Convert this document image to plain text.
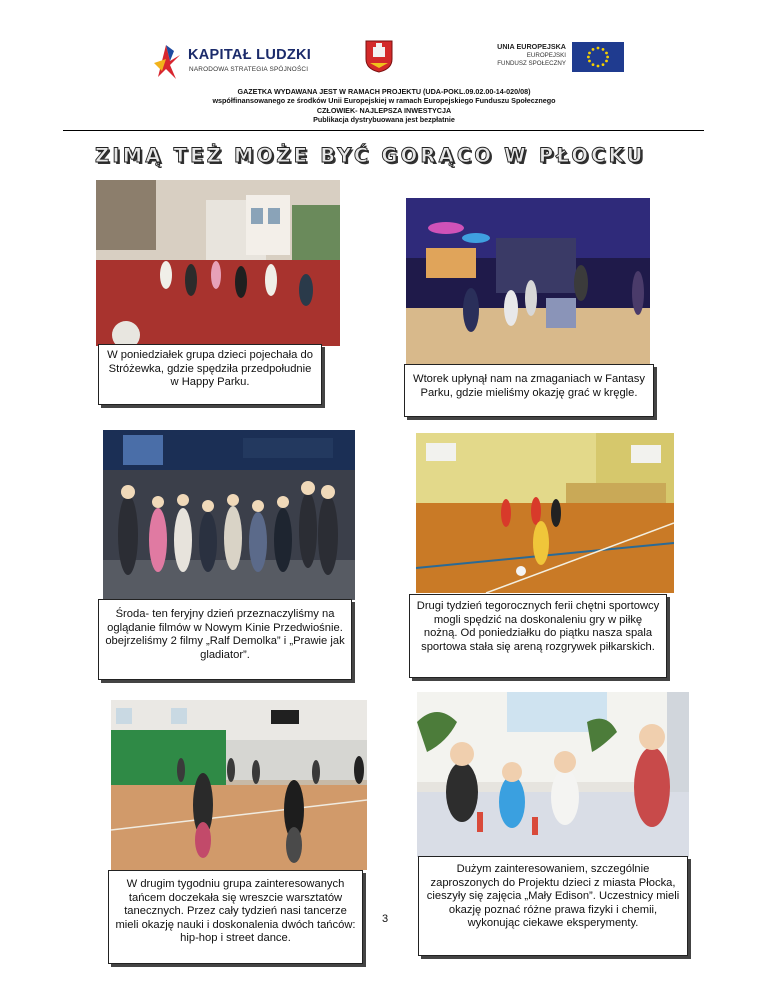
KAPITAŁ LUDZKI
NARODOWA STRATEGIA SPÓJNOŚCI
UNIA EUROPEJSKA
EUROPEJSKI
FUNDUSZ SPOŁECZNY
GAZETKA WYDAWANA JEST W RAMACH PROJEKTU (UDA-POKL.09.02.00-14-020/08)
współfinansowanego ze środków Unii Europejskiej w ramach Europejskiego Funduszu Społecznego
CZŁOWIEK- NAJLEPSZA INWESTYCJA
Publikacja dystrybuowana jest bezpłatnie
ZIMĄ TEŻ MOŻE BYĆ GORĄCO W PŁOCKU
W poniedziałek grupa dzieci pojechała do Stróżewka, gdzie spędziła przedpołudnie w Happy Parku.	Wtorek upłynął nam na zmaganiach w Fantasy Parku, gdzie mieliśmy okazję grać w kręgle.
Środa- ten feryjny dzień przeznaczyliśmy na oglądanie filmów w Nowym Kinie Przedwiośnie. obejrzeliśmy 2 filmy „Ralf Demolka” i „Prawie jak gladiator”.
Drugi tydzień tegorocznych ferii chętni sportowcy mogli spędzić na doskonaleniu gry w piłkę nożną. Od poniedziałku do piątku nasza spala sportowa stała się areną rozgrywek piłkarskich.
W drugim tygodniu grupa zainteresowanych tańcem doczekała się wreszcie warsztatów tanecznych. Przez cały tydzień nasi tancerze mieli okazję nauki i doskonalenia dwóch tańców: hip-hop i street dance.
Dużym zainteresowaniem, szczególnie zaproszonych do Projektu dzieci z miasta Płocka, cieszyły się zajęcia „Mały Edison”. Uczestnicy mieli okazję poznać różne prawa fizyki i chemii, wykonując ciekawe eksperymenty.
3
